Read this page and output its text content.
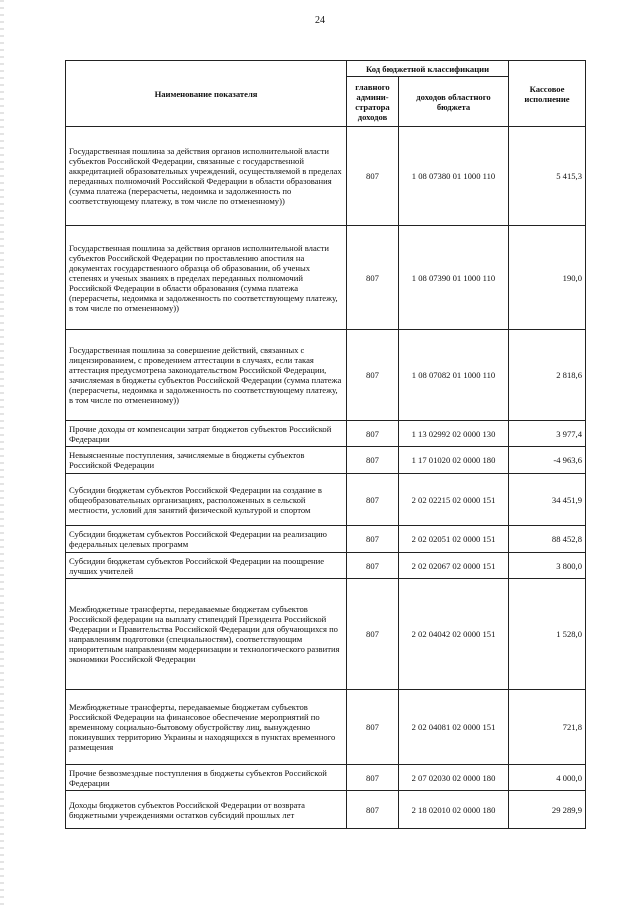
24
Наименование показателя	Код бюджетной классификации		Кассовое исполнение
	главного админи-стратора доходов	доходов областного бюджета	
Государственная пошлина за действия органов исполнительной власти субъектов Российской Федерации, связанные с государственной аккредитацией образовательных учреждений, осуществляемой в пределах переданных полномочий Российской Федерации в области образования (сумма платежа (перерасчеты, недоимка и задолженность по соответствующему платежу, в том числе по отмененному))	807	1 08 07380 01 1000 110	5 415,3
Государственная пошлина за действия органов исполнительной власти субъектов Российской Федерации по проставлению апостиля на документах государственного образца об образовании, об ученых степенях и ученых званиях в пределах переданных полномочий Российской Федерации в области образования (сумма платежа (перерасчеты, недоимка и задолженность по соответствующему платежу, в том числе по отмененному))	807	1 08 07390 01 1000 110	190,0
Государственная пошлина за совершение действий, связанных с лицензированием, с проведением аттестации в случаях, если такая аттестация предусмотрена законодательством Российской Федерации, зачисляемая в бюджеты субъектов Российской Федерации (сумма платежа (перерасчеты, недоимка и задолженность по соответствующему платежу, в том числе по отмененному))	807	1 08 07082 01 1000 110	2 818,6
Прочие доходы от компенсации затрат бюджетов субъектов Российской Федерации	807	1 13 02992 02 0000 130	3 977,4
Невыясненные поступления, зачисляемые в бюджеты субъектов Российской Федерации	807	1 17 01020 02 0000 180	-4 963,6
Субсидии бюджетам субъектов Российской Федерации на создание в общеобразовательных организациях, расположенных в сельской местности, условий для занятий физической культурой и спортом	807	2 02 02215 02 0000 151	34 451,9
Субсидии бюджетам субъектов Российской Федерации на реализацию федеральных целевых программ	807	2 02 02051 02 0000 151	88 452,8
Субсидии бюджетам субъектов Российской Федерации на поощрение лучших учителей	807	2 02 02067 02 0000 151	3 800,0
Межбюджетные трансферты, передаваемые бюджетам субъектов Российской федерации на выплату стипендий Президента Российской Федерации и Правительства Российской Федерации для обучающихся по направлениям подготовки (специальностям), соответствующим приоритетным направлениям модернизации и технологического развития экономики Российской Федерации	807	2 02 04042 02 0000 151	1 528,0
Межбюджетные трансферты, передаваемые бюджетам субъектов Российской Федерации на финансовое обеспечение мероприятий по временному социально-бытовому обустройству лиц, вынужденно покинувших территорию Украины и находящихся в пунктах временного размещения	807	2 02 04081 02 0000 151	721,8
Прочие безвозмездные поступления в бюджеты субъектов Российской Федерации	807	2 07 02030 02 0000 180	4 000,0
Доходы бюджетов субъектов Российской Федерации от возврата бюджетными учреждениями остатков субсидий прошлых лет	807	2 18 02010 02 0000 180	29 289,9
